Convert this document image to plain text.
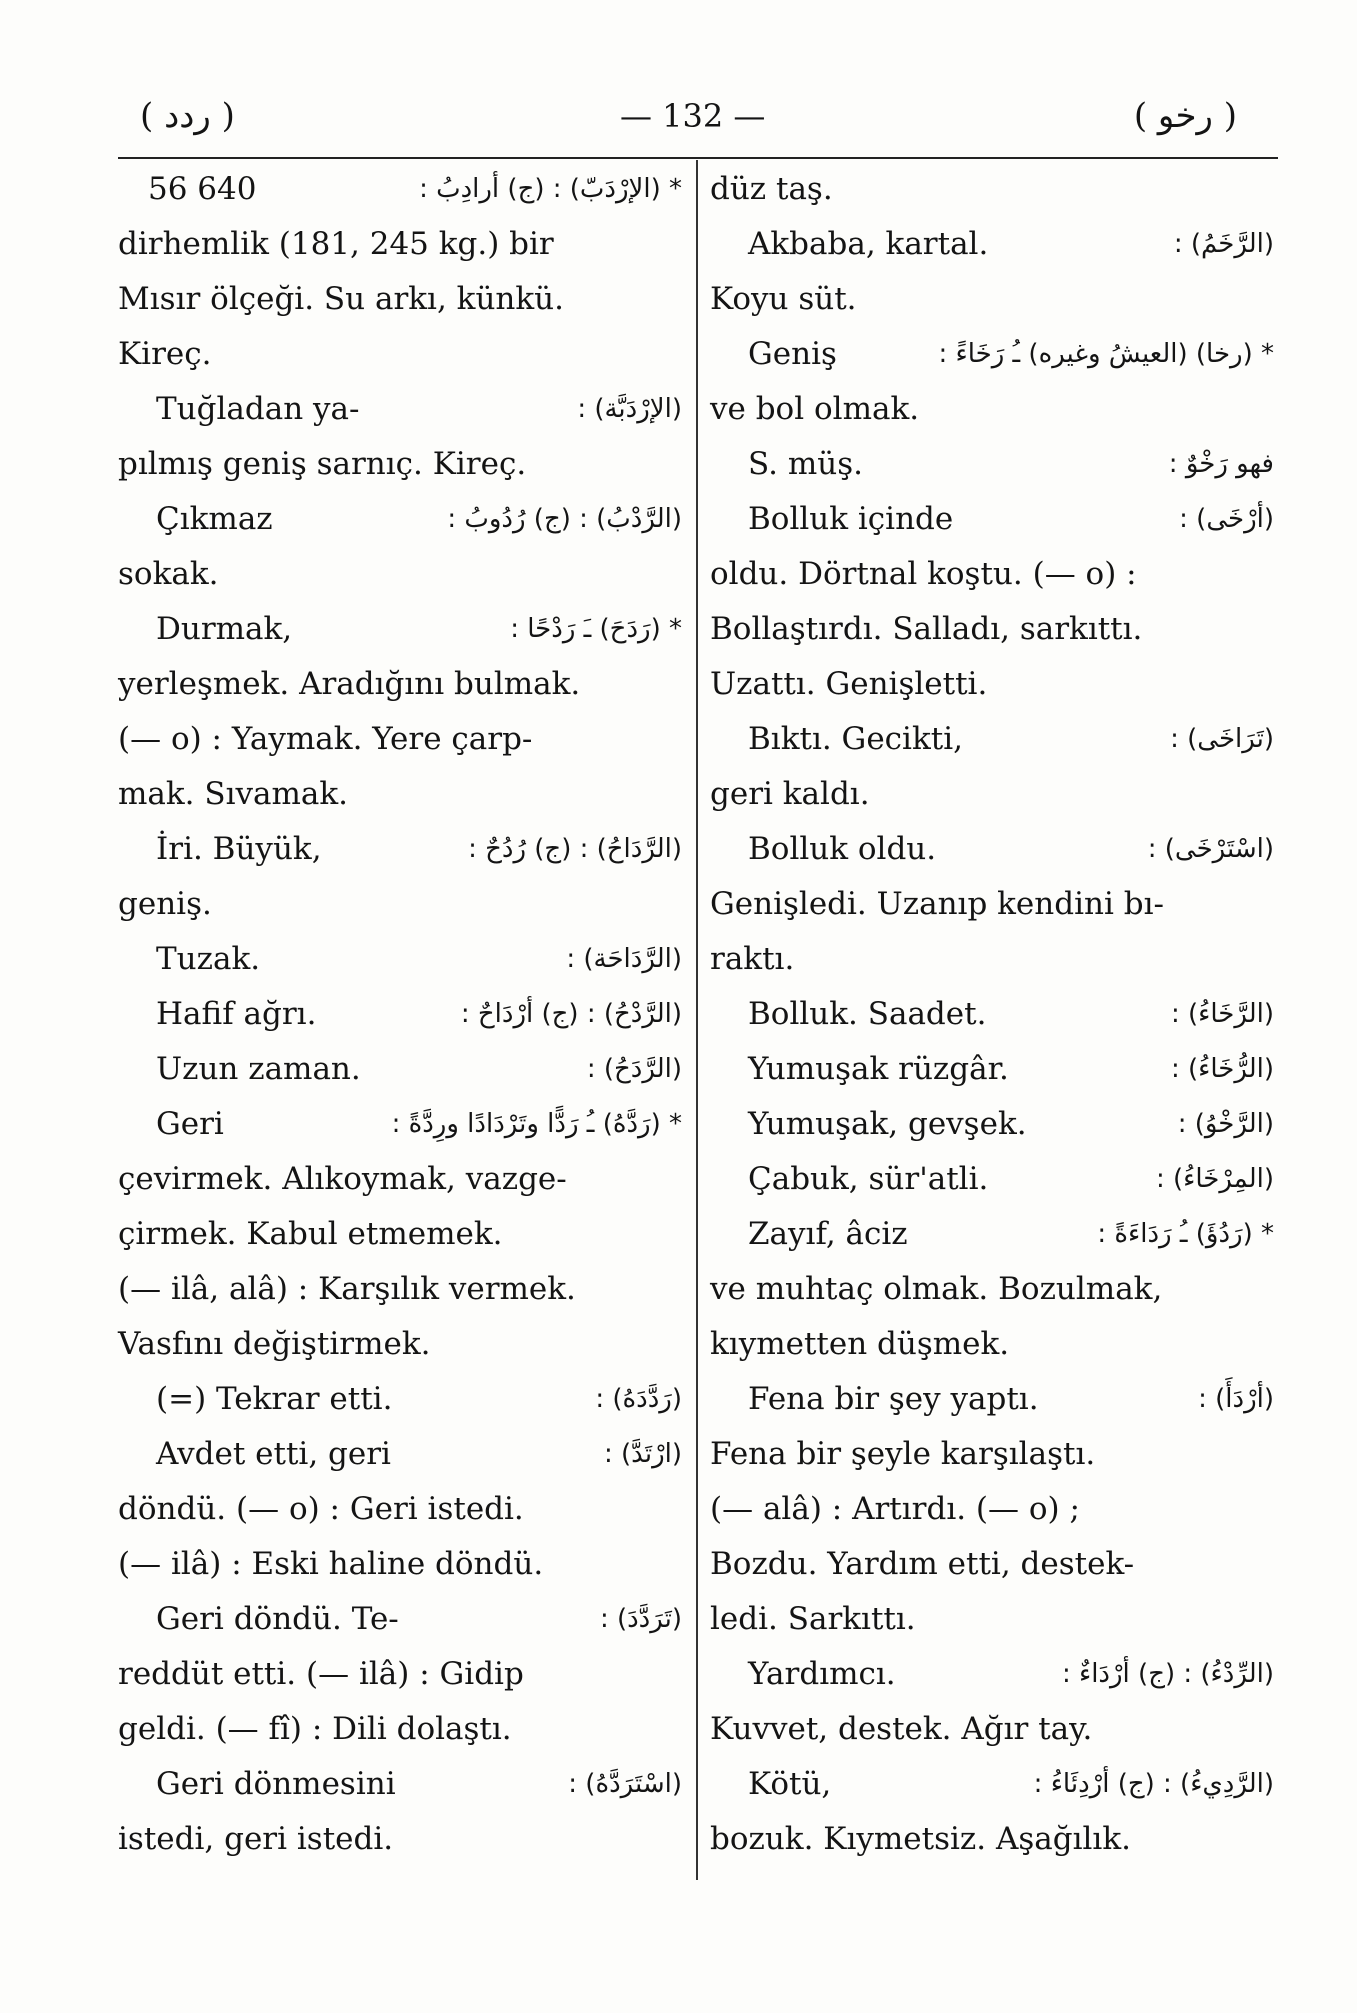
( ردد )	— 132 —	( رخو )
56 640	* (الإرْدَبّ) : (ج) أرادِبُ :
dirhemlik (181, 245 kg.) bir
Mısır ölçeği. Su arkı, künkü.
Kireç.
Tuğladan ya-	(الإرْدَبَّة) :
pılmış geniş sarnıç. Kireç.
Çıkmaz	(الرَّدْبُ) : (ج) رُدُوبُ :
sokak.
Durmak,	* (رَدَحَ) ـَ رَدْحًا :
yerleşmek. Aradığını bulmak.
(— o) : Yaymak. Yere çarp-
mak. Sıvamak.
İri. Büyük,	(الرَّدَاحُ) : (ج) رُدُحٌ :
geniş.
Tuzak.	(الرَّدَاحَة) :
Hafif ağrı.	(الرَّدْحُ) : (ج) أرْدَاحٌ :
Uzun zaman.	(الرَّدَحُ) :
Geri	* (رَدَّهُ) ـُ رَدًّا وتَرْدَادًا ورِدَّةً :
çevirmek. Alıkoymak, vazge-
çirmek. Kabul etmemek.
(— ilâ, alâ) : Karşılık vermek.
Vasfını değiştirmek.
(=) Tekrar etti.	(رَدَّدَهُ) :
Avdet etti, geri	(ارْتَدَّ) :
döndü. (— o) : Geri istedi.
(— ilâ) : Eski haline döndü.
Geri döndü. Te-	(تَرَدَّدَ) :
reddüt etti. (— ilâ) : Gidip
geldi. (— fî) : Dili dolaştı.
Geri dönmesini	(اسْتَرَدَّهُ) :
istedi, geri istedi.
düz taş.
Akbaba, kartal.	(الرَّخَمُ) :
Koyu süt.
Geniş	* (رخا) (العيشُ وغيره) ـُ رَخَاءً :
ve bol olmak.
S. müş.	فهو رَخْوٌ :
Bolluk içinde	(أرْخَى) :
oldu. Dörtnal koştu. (— o) :
Bollaştırdı. Salladı, sarkıttı.
Uzattı. Genişletti.
Bıktı. Gecikti,	(تَرَاخَى) :
geri kaldı.
Bolluk oldu.	(اسْتَرْخَى) :
Genişledi. Uzanıp kendini bı-
raktı.
Bolluk. Saadet.	(الرَّخَاءُ) :
Yumuşak rüzgâr.	(الرُّخَاءُ) :
Yumuşak, gevşek.	(الرَّخْوُ) :
Çabuk, sür'atli.	(المِرْخَاءُ) :
Zayıf, âciz	* (رَدُؤَ) ـُ رَدَاءَةً :
ve muhtaç olmak. Bozulmak,
kıymetten düşmek.
Fena bir şey yaptı.	(أرْدَأَ) :
Fena bir şeyle karşılaştı.
(— alâ) : Artırdı. (— o) ;
Bozdu. Yardım etti, destek-
ledi. Sarkıttı.
Yardımcı.	(الرِّدْءُ) : (ج) أرْدَاءٌ :
Kuvvet, destek. Ağır tay.
Kötü,	(الرَّدِيءُ) : (ج) أرْدِئَاءُ :
bozuk. Kıymetsiz. Aşağılık.
